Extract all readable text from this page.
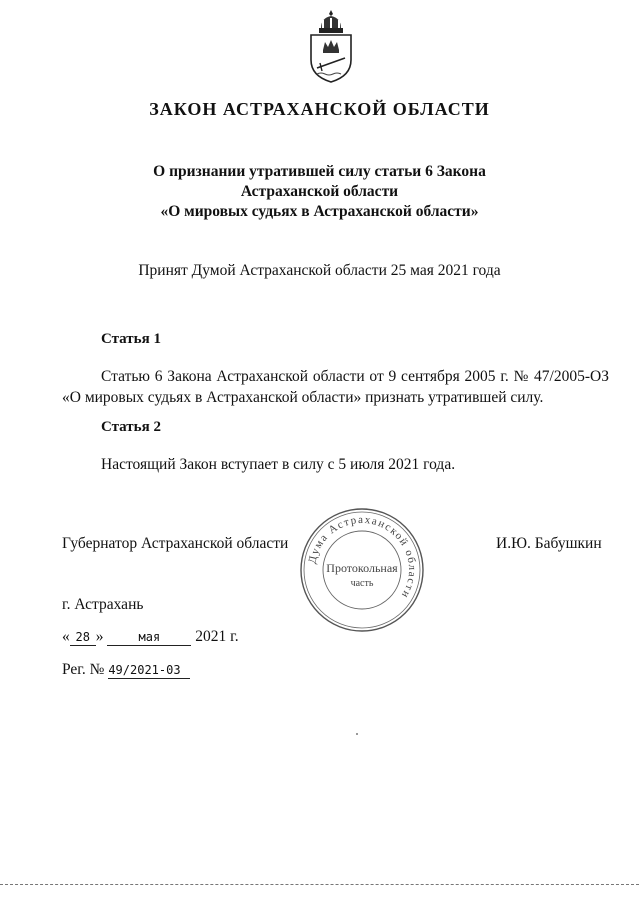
ЗАКОН АСТРАХАНСКОЙ ОБЛАСТИ
О признании утратившей силу статьи 6 Закона
Астраханской области
«О мировых судьях в Астраханской области»
Принят Думой Астраханской области 25 мая 2021 года
Статья 1
Статью 6 Закона Астраханской области от 9 сентября 2005 г. № 47/2005-ОЗ «О мировых судьях в Астраханской области» признать утратившей силу.
Статья 2
Настоящий Закон вступает в силу с 5 июля 2021 года.
Губернатор Астраханской области	И.Ю. Бабушкин
Дума Астраханской области
Протокольная
часть
г. Астрахань
« 28 »	мая 2021 г.
Рег. № 49/2021-03
